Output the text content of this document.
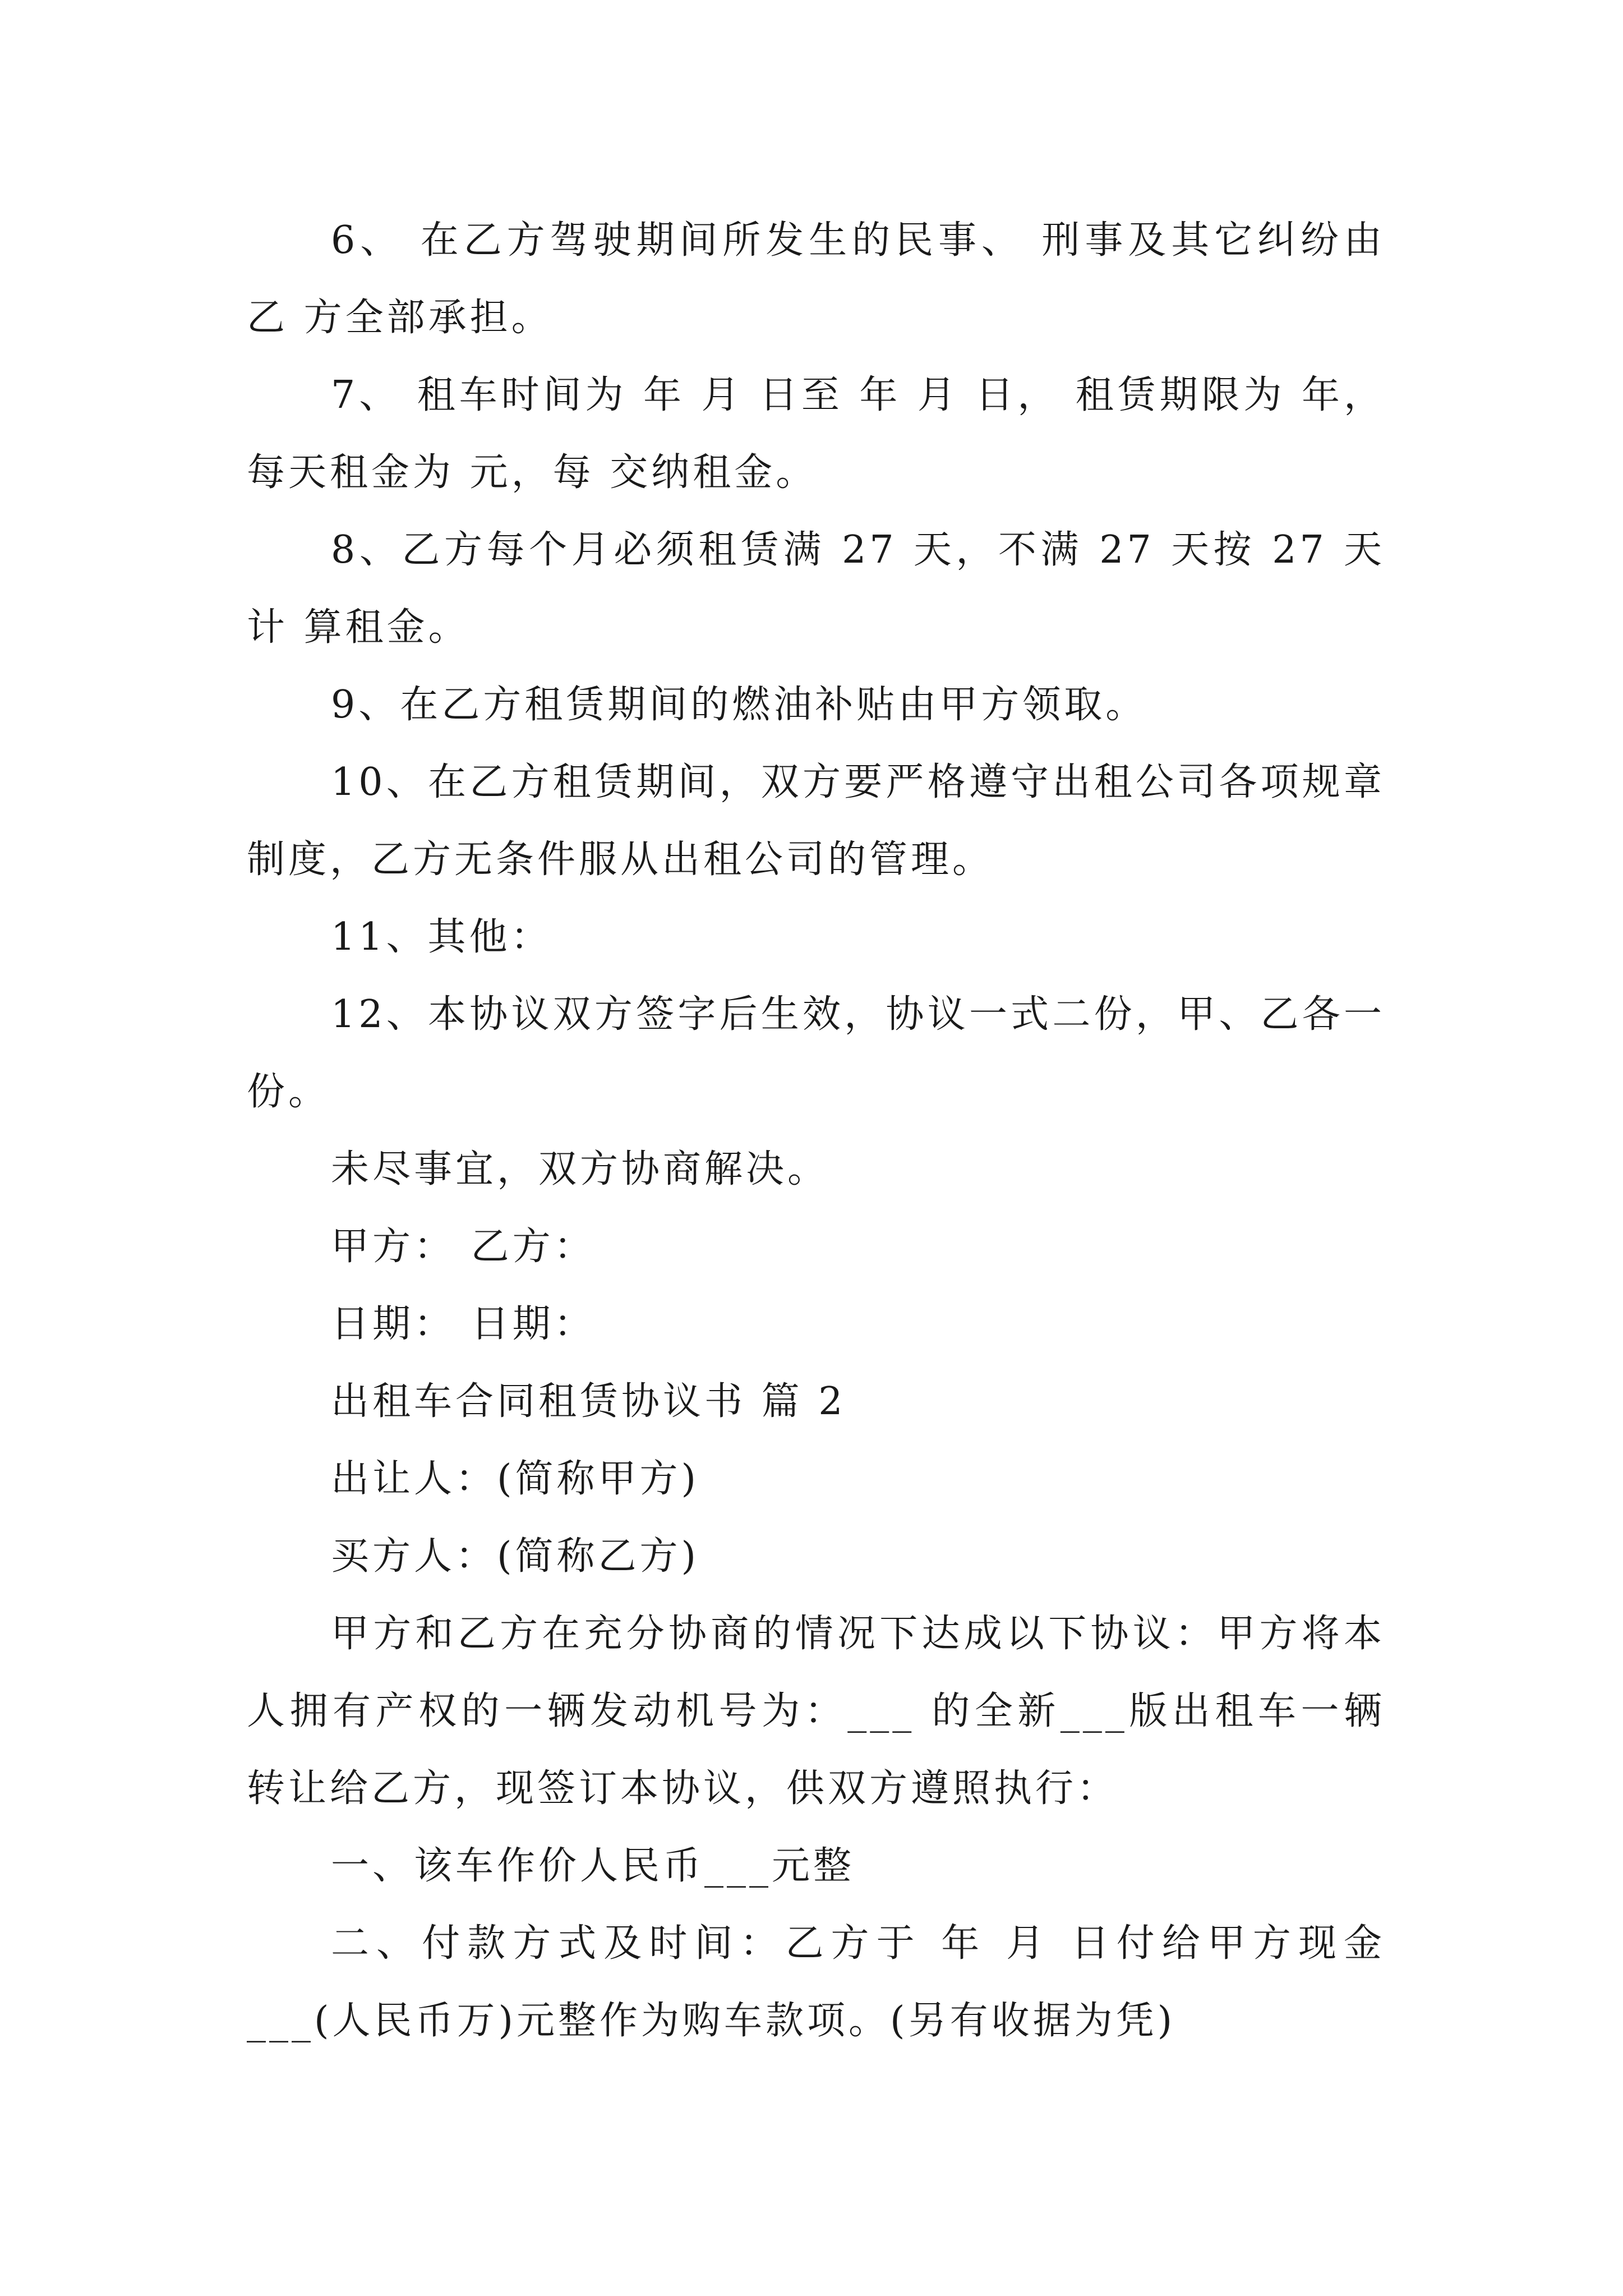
6、 在乙方驾驶期间所发生的民事、 刑事及其它纠纷由乙 方全部承担。

7、 租车时间为 年 月 日至 年 月 日， 租赁期限为 年，每天租金为 元，每 交纳租金。

8、乙方每个月必须租赁满 27 天，不满 27 天按 27 天计 算租金。

9、在乙方租赁期间的燃油补贴由甲方领取。

10、在乙方租赁期间，双方要严格遵守出租公司各项规章制度，乙方无条件服从出租公司的管理。

11、其他：

12、本协议双方签字后生效，协议一式二份，甲、乙各一份。

未尽事宜，双方协商解决。

甲方： 乙方：

日期： 日期：

出租车合同租赁协议书 篇 2

出让人：(简称甲方)

买方人：(简称乙方)

甲方和乙方在充分协商的情况下达成以下协议：甲方将本人拥有产权的一辆发动机号为：___ 的全新___版出租车一辆转让给乙方，现签订本协议，供双方遵照执行：

一、该车作价人民币___元整

二、付款方式及时间：乙方于 年 月 日付给甲方现金___(人民币万)元整作为购车款项。(另有收据为凭)
